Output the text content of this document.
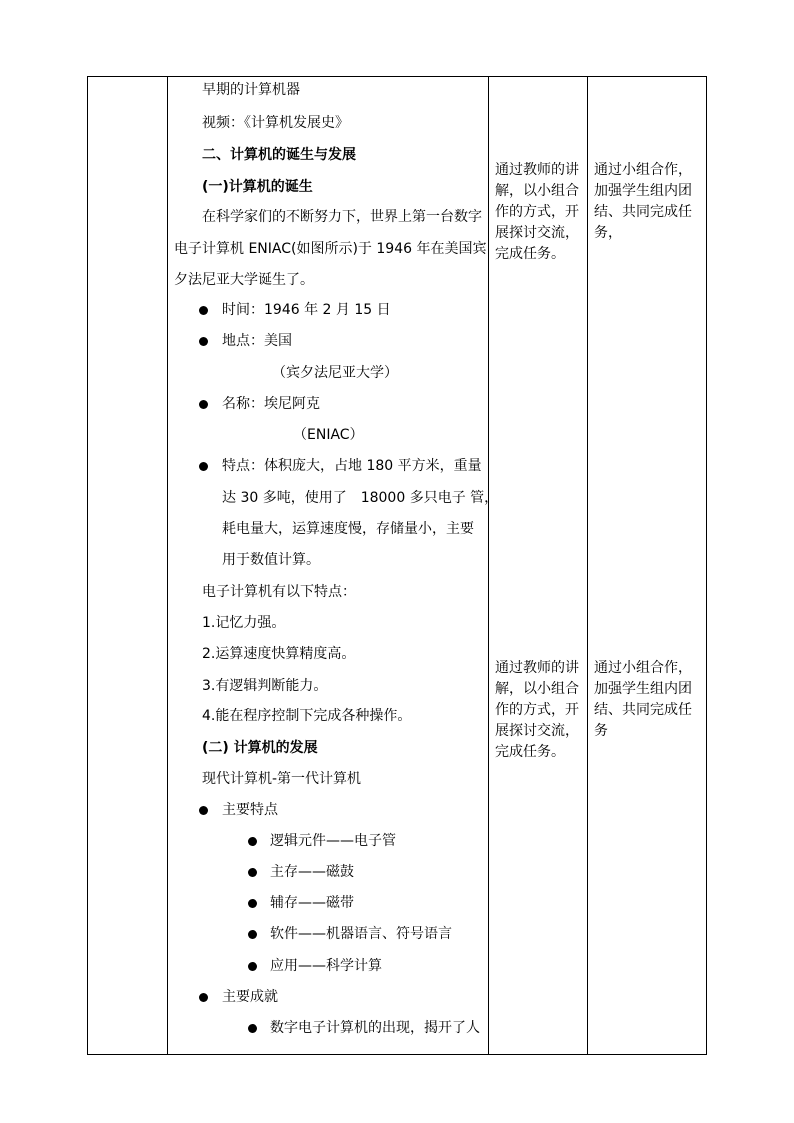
早期的计算机器
视频：《计算机发展史》
二、计算机的诞生与发展
(一)计算机的诞生
在科学家们的不断努力下，世界上第一台数字
电子计算机 ENIAC(如图所示)于 1946 年在美国宾
夕法尼亚大学诞生了。
时间：1946 年 2 月 15 日
地点：美国
（宾夕法尼亚大学）
名称：埃尼阿克
（ENIAC）
特点：体积庞大，占地 180 平方米，重量
达 30 多吨，使用了　18000 多只电子 管，
耗电量大，运算速度慢，存储量小，主要
用于数值计算。
电子计算机有以下特点：
1.记忆力强。
2.运算速度快算精度高。
3.有逻辑判断能力。
4.能在程序控制下完成各种操作。
(二) 计算机的发展
现代计算机-第一代计算机
主要特点
逻辑元件——电子管
主存——磁鼓
辅存——磁带
软件——机器语言、符号语言
应用——科学计算
主要成就
数字电子计算机的出现，揭开了人
通过教师的讲
解，以小组合
作的方式，开
展探讨交流，
完成任务。
通过教师的讲
解，以小组合
作的方式，开
展探讨交流，
完成任务。
通过小组合作，
加强学生组内团
结、共同完成任
务，
通过小组合作，
加强学生组内团
结、共同完成任
务
